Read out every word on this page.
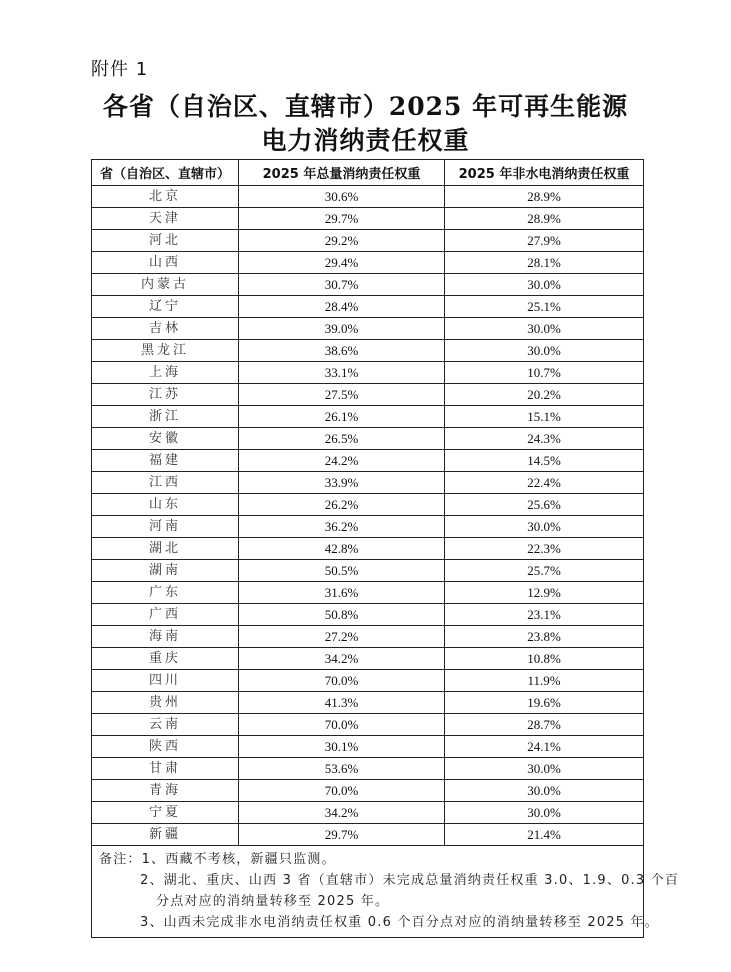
附件 1
各省（自治区、直辖市）2025 年可再生能源
电力消纳责任权重
省（自治区、直辖市）	2025 年总量消纳责任权重	2025 年非水电消纳责任权重
北京	30.6%	28.9%
天津	29.7%	28.9%
河北	29.2%	27.9%
山西	29.4%	28.1%
内蒙古	30.7%	30.0%
辽宁	28.4%	25.1%
吉林	39.0%	30.0%
黑龙江	38.6%	30.0%
上海	33.1%	10.7%
江苏	27.5%	20.2%
浙江	26.1%	15.1%
安徽	26.5%	24.3%
福建	24.2%	14.5%
江西	33.9%	22.4%
山东	26.2%	25.6%
河南	36.2%	30.0%
湖北	42.8%	22.3%
湖南	50.5%	25.7%
广东	31.6%	12.9%
广西	50.8%	23.1%
海南	27.2%	23.8%
重庆	34.2%	10.8%
四川	70.0%	11.9%
贵州	41.3%	19.6%
云南	70.0%	28.7%
陕西	30.1%	24.1%
甘肃	53.6%	30.0%
青海	70.0%	30.0%
宁夏	34.2%	30.0%
新疆	29.7%	21.4%

备注：1、西藏不考核，新疆只监测。
2、湖北、重庆、山西 3 省（直辖市）未完成总量消纳责任权重 3.0、1.9、0.3 个百
分点对应的消纳量转移至 2025 年。
3、山西未完成非水电消纳责任权重 0.6 个百分点对应的消纳量转移至 2025 年。		
